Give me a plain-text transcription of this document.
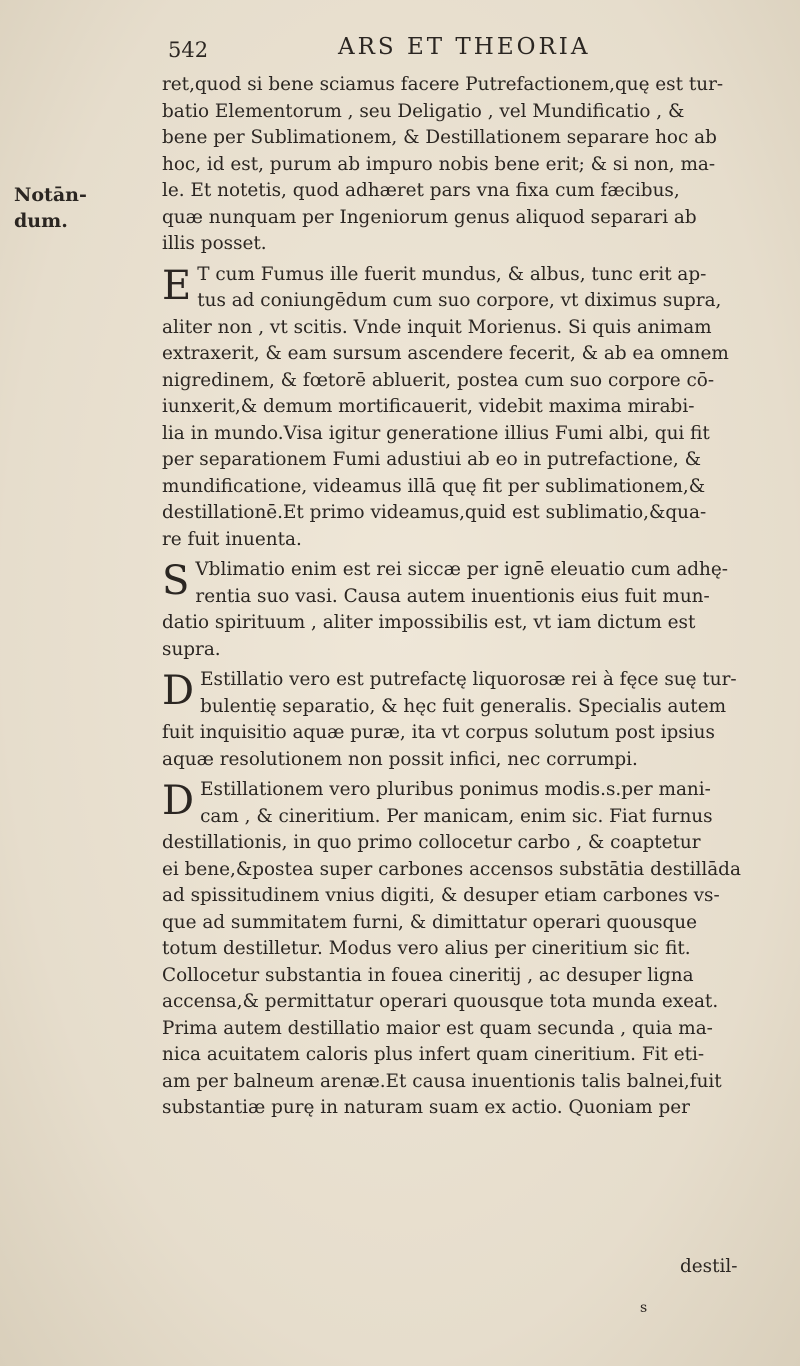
542	ARS ET THEORIA
Notān-
dum.
ret,quod si bene sciamus facere Putrefactionem,quę est tur-
batio Elementorum , seu Deligatio , vel Mundificatio , &
bene per Sublimationem, & Destillationem separare hoc ab
hoc, id est, purum ab impuro nobis bene erit; & si non, ma-
le. Et notetis, quod adhæret pars vna fixa cum fæcibus,
quæ nunquam per Ingeniorum genus aliquod separari ab
illis posset.
E T cum Fumus ille fuerit mundus, & albus, tunc erit ap-
tus ad coniungēdum cum suo corpore, vt diximus supra,
aliter non , vt scitis. Vnde inquit Morienus. Si quis animam
extraxerit, & eam sursum ascendere fecerit, & ab ea omnem
nigredinem, & fœtorē abluerit, postea cum suo corpore cō-
iunxerit,& demum mortificauerit, videbit maxima mirabi-
lia in mundo.Visa igitur generatione illius Fumi albi, qui fit
per separationem Fumi adustiui ab eo in putrefactione, &
mundificatione, videamus illā quę fit per sublimationem,&
destillationē.Et primo videamus,quid est sublimatio,&qua-
re fuit inuenta.
S Vblimatio enim est rei siccæ per ignē eleuatio cum adhę-
rentia suo vasi. Causa autem inuentionis eius fuit mun-
datio spirituum , aliter impossibilis est, vt iam dictum est
supra.
D Estillatio vero est putrefactę liquorosæ rei à fęce suę tur-
bulentię separatio, & hęc fuit generalis. Specialis autem
fuit inquisitio aquæ puræ, ita vt corpus solutum post ipsius
aquæ resolutionem non possit infici, nec corrumpi.
D Estillationem vero pluribus ponimus modis.s.per mani-
cam , & cineritium. Per manicam, enim sic. Fiat furnus
destillationis, in quo primo collocetur carbo , & coaptetur
ei bene,&postea super carbones accensos substātia destillāda
ad spissitudinem vnius digiti, & desuper etiam carbones vs-
que ad summitatem furni, & dimittatur operari quousque
totum destilletur. Modus vero alius per cineritium sic fit.
Collocetur substantia in fouea cineritij , ac desuper ligna
accensa,& permittatur operari quousque tota munda exeat.
Prima autem destillatio maior est quam secunda , quia ma-
nica acuitatem caloris plus infert quam cineritium. Fit eti-
am per balneum arenæ.Et causa inuentionis talis balnei,fuit
substantiæ purę in naturam suam ex actio. Quoniam per
destil-
s
